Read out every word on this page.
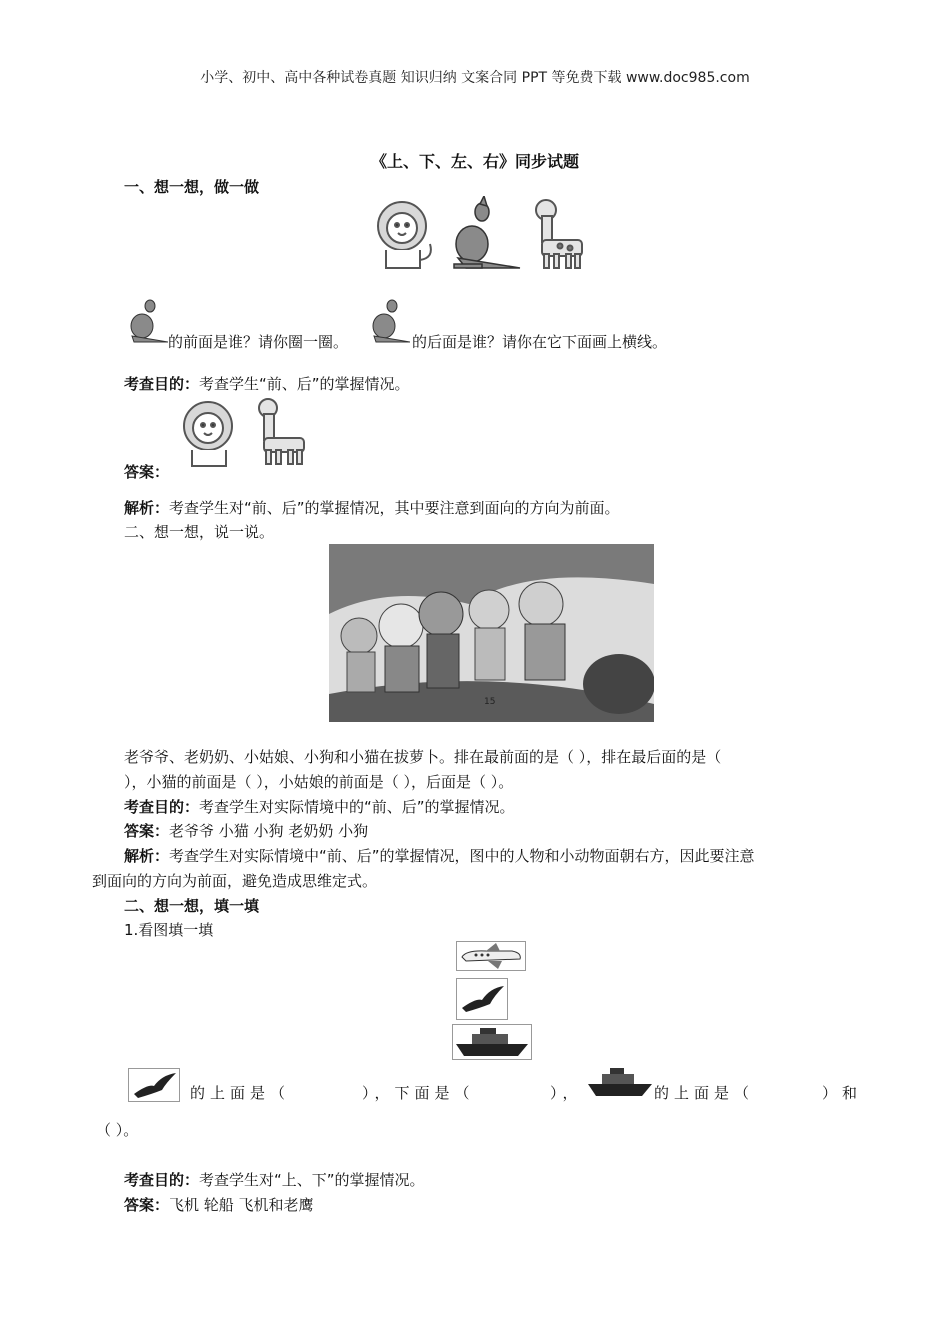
小学、初中、高中各种试卷真题 知识归纳 文案合同 PPT 等免费下载 www.doc985.com
《上、下、左、右》同步试题
一、想一想，做一做
的前面是谁？请你圈一圈。	的后面是谁？请你在它下面画上横线。
考查目的：考查学生“前、后”的掌握情况。
答案：
解析：考查学生对“前、后”的掌握情况，其中要注意到面向的方向为前面。
二、想一想，说一说。
15
老爷爷、老奶奶、小姑娘、小狗和小猫在拔萝卜。排在最前面的是（ ），排在最后面的是（
），小猫的前面是（ ），小姑娘的前面是（ ），后面是（ ）。
考查目的：考查学生对实际情境中的“前、后”的掌握情况。
答案：老爷爷 小猫 小狗 老奶奶 小狗
解析：考查学生对实际情境中“前、后”的掌握情况，图中的人物和小动物面朝右方，因此要注意
到面向的方向为前面，避免造成思维定式。
二、想一想，填一填
1.看图填一填
的上面是（	），下面是（	），	的上面是（	）和
（ ）。
考查目的：考查学生对“上、下”的掌握情况。
答案：飞机 轮船 飞机和老鹰
